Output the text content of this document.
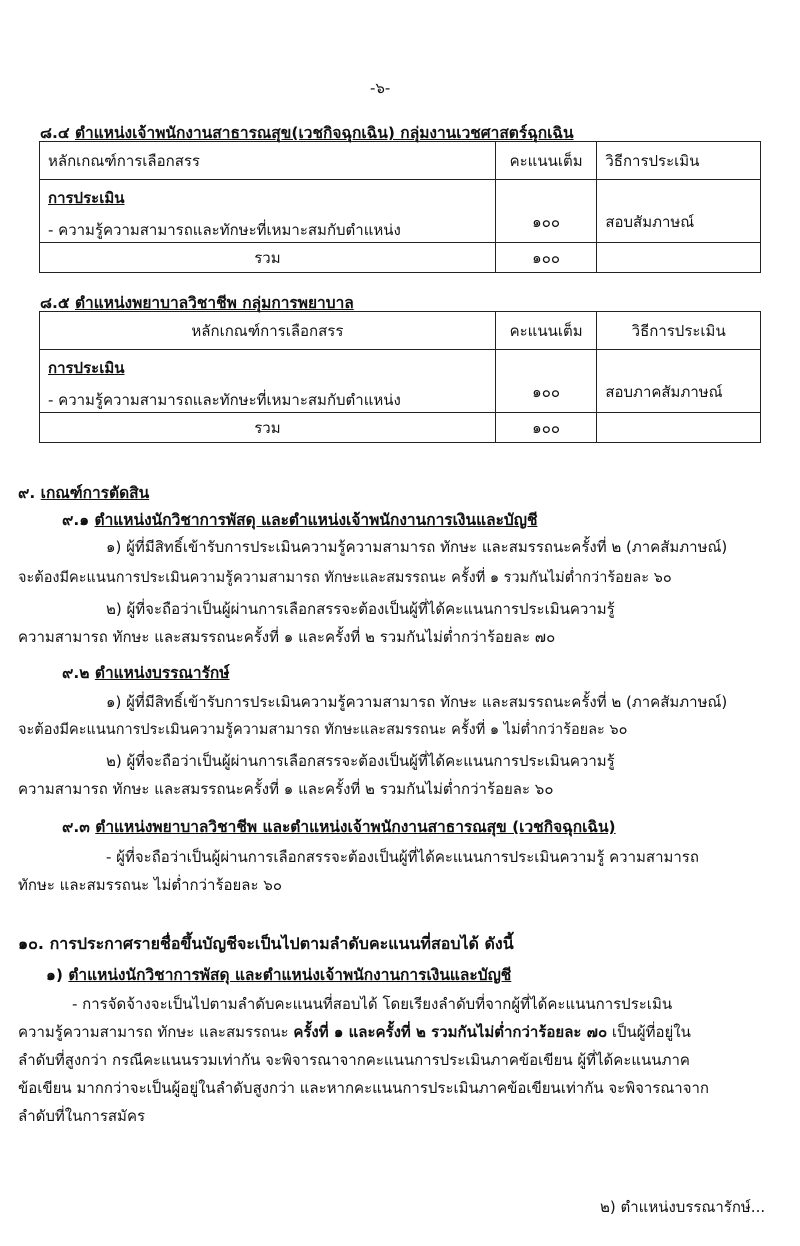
-๖-
๘.๔ ตำแหน่งเจ้าพนักงานสาธารณสุข(เวชกิจฉุกเฉิน) กลุ่มงานเวชศาสตร์ฉุกเฉิน
หลักเกณฑ์การเลือกสรร	คะแนนเต็ม	วิธีการประเมิน

การประเมิน
- ความรู้ความสามารถและทักษะที่เหมาะสมกับตำแหน่ง	๑๐๐	สอบสัมภาษณ์
รวม	๑๐๐	
๘.๕ ตำแหน่งพยาบาลวิชาชีพ กลุ่มการพยาบาล
หลักเกณฑ์การเลือกสรร	คะแนนเต็ม	วิธีการประเมิน

การประเมิน
- ความรู้ความสามารถและทักษะที่เหมาะสมกับตำแหน่ง	๑๐๐	สอบภาคสัมภาษณ์
รวม	๑๐๐	
๙. เกณฑ์การตัดสิน
๙.๑ ตำแหน่งนักวิชาการพัสดุ และตำแหน่งเจ้าพนักงานการเงินและบัญชี
๑) ผู้ที่มีสิทธิ์เข้ารับการประเมินความรู้ความสามารถ ทักษะ และสมรรถนะครั้งที่ ๒ (ภาคสัมภาษณ์)
จะต้องมีคะแนนการประเมินความรู้ความสามารถ ทักษะและสมรรถนะ ครั้งที่ ๑ รวมกันไม่ต่ำกว่าร้อยละ ๖๐
๒) ผู้ที่จะถือว่าเป็นผู้ผ่านการเลือกสรรจะต้องเป็นผู้ที่ได้คะแนนการประเมินความรู้
ความสามารถ ทักษะ และสมรรถนะครั้งที่ ๑ และครั้งที่ ๒ รวมกันไม่ต่ำกว่าร้อยละ ๗๐
๙.๒ ตำแหน่งบรรณารักษ์
๑) ผู้ที่มีสิทธิ์เข้ารับการประเมินความรู้ความสามารถ ทักษะ และสมรรถนะครั้งที่ ๒ (ภาคสัมภาษณ์)
จะต้องมีคะแนนการประเมินความรู้ความสามารถ ทักษะและสมรรถนะ ครั้งที่ ๑ ไม่ต่ำกว่าร้อยละ ๖๐
๒) ผู้ที่จะถือว่าเป็นผู้ผ่านการเลือกสรรจะต้องเป็นผู้ที่ได้คะแนนการประเมินความรู้
ความสามารถ ทักษะ และสมรรถนะครั้งที่ ๑ และครั้งที่ ๒ รวมกันไม่ต่ำกว่าร้อยละ ๖๐
๙.๓ ตำแหน่งพยาบาลวิชาชีพ และตำแหน่งเจ้าพนักงานสาธารณสุข (เวชกิจฉุกเฉิน)
- ผู้ที่จะถือว่าเป็นผู้ผ่านการเลือกสรรจะต้องเป็นผู้ที่ได้คะแนนการประเมินความรู้ ความสามารถ
ทักษะ และสมรรถนะ ไม่ต่ำกว่าร้อยละ ๖๐
๑๐. การประกาศรายชื่อขึ้นบัญชีจะเป็นไปตามลำดับคะแนนที่สอบได้ ดังนี้
๑) ตำแหน่งนักวิชาการพัสดุ และตำแหน่งเจ้าพนักงานการเงินและบัญชี
- การจัดจ้างจะเป็นไปตามลำดับคะแนนที่สอบได้ โดยเรียงลำดับที่จากผู้ที่ได้คะแนนการประเมิน
ความรู้ความสามารถ ทักษะ และสมรรถนะ ครั้งที่ ๑ และครั้งที่ ๒ รวมกันไม่ต่ำกว่าร้อยละ ๗๐ เป็นผู้ที่อยู่ใน
ลำดับที่สูงกว่า กรณีคะแนนรวมเท่ากัน จะพิจารณาจากคะแนนการประเมินภาคข้อเขียน ผู้ที่ได้คะแนนภาค
ข้อเขียน มากกว่าจะเป็นผู้อยู่ในลำดับสูงกว่า และหากคะแนนการประเมินภาคข้อเขียนเท่ากัน จะพิจารณาจาก
ลำดับที่ในการสมัคร
๒) ตำแหน่งบรรณารักษ์...
